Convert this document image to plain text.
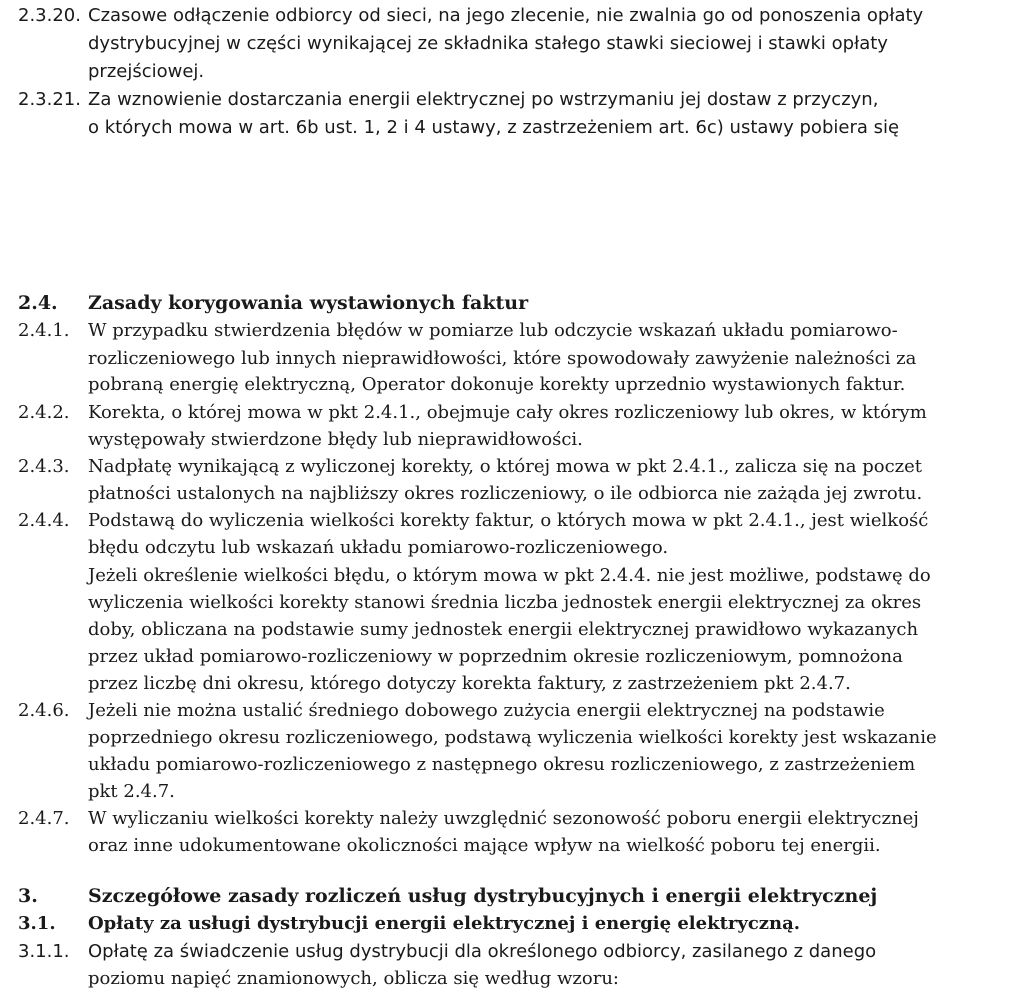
2.3.20. Czasowe odłączenie odbiorcy od sieci, na jego zlecenie, nie zwalnia go od ponoszenia opłaty
dystrybucyjnej w części wynikającej ze składnika stałego stawki sieciowej i stawki opłaty
przejściowej.
2.3.21. Za wznowienie dostarczania energii elektrycznej po wstrzymaniu jej dostaw z przyczyn,
o których mowa w art. 6b ust. 1, 2 i 4 ustawy, z zastrzeżeniem art. 6c) ustawy pobiera się
2.4. Zasady korygowania wystawionych faktur
2.4.1. W przypadku stwierdzenia błędów w pomiarze lub odczycie wskazań układu pomiarowo-
rozliczeniowego lub innych nieprawidłowości, które spowodowały zawyżenie należności za
pobraną energię elektryczną, Operator dokonuje korekty uprzednio wystawionych faktur.
2.4.2. Korekta, o której mowa w pkt 2.4.1., obejmuje cały okres rozliczeniowy lub okres, w którym
występowały stwierdzone błędy lub nieprawidłowości.
2.4.3. Nadpłatę wynikającą z wyliczonej korekty, o której mowa w pkt 2.4.1., zalicza się na poczet
płatności ustalonych na najbliższy okres rozliczeniowy, o ile odbiorca nie zażąda jej zwrotu.
2.4.4. Podstawą do wyliczenia wielkości korekty faktur, o których mowa w pkt 2.4.1., jest wielkość
błędu odczytu lub wskazań układu pomiarowo-rozliczeniowego.
Jeżeli określenie wielkości błędu, o którym mowa w pkt 2.4.4. nie jest możliwe, podstawę do
wyliczenia wielkości korekty stanowi średnia liczba jednostek energii elektrycznej za okres
doby, obliczana na podstawie sumy jednostek energii elektrycznej prawidłowo wykazanych
przez układ pomiarowo-rozliczeniowy w poprzednim okresie rozliczeniowym, pomnożona
przez liczbę dni okresu, którego dotyczy korekta faktury, z zastrzeżeniem pkt 2.4.7.
2.4.6. Jeżeli nie można ustalić średniego dobowego zużycia energii elektrycznej na podstawie
poprzedniego okresu rozliczeniowego, podstawą wyliczenia wielkości korekty jest wskazanie
układu pomiarowo-rozliczeniowego z następnego okresu rozliczeniowego, z zastrzeżeniem
pkt 2.4.7.
2.4.7. W wyliczaniu wielkości korekty należy uwzględnić sezonowość poboru energii elektrycznej
oraz inne udokumentowane okoliczności mające wpływ na wielkość poboru tej energii.
3.	Szczegółowe zasady rozliczeń usług dystrybucyjnych i energii elektrycznej
3.1. Opłaty za usługi dystrybucji energii elektrycznej i energię elektryczną.
3.1.1. Opłatę za świadczenie usług dystrybucji dla określonego odbiorcy, zasilanego z danego
poziomu napięć znamionowych, oblicza się według wzoru:
